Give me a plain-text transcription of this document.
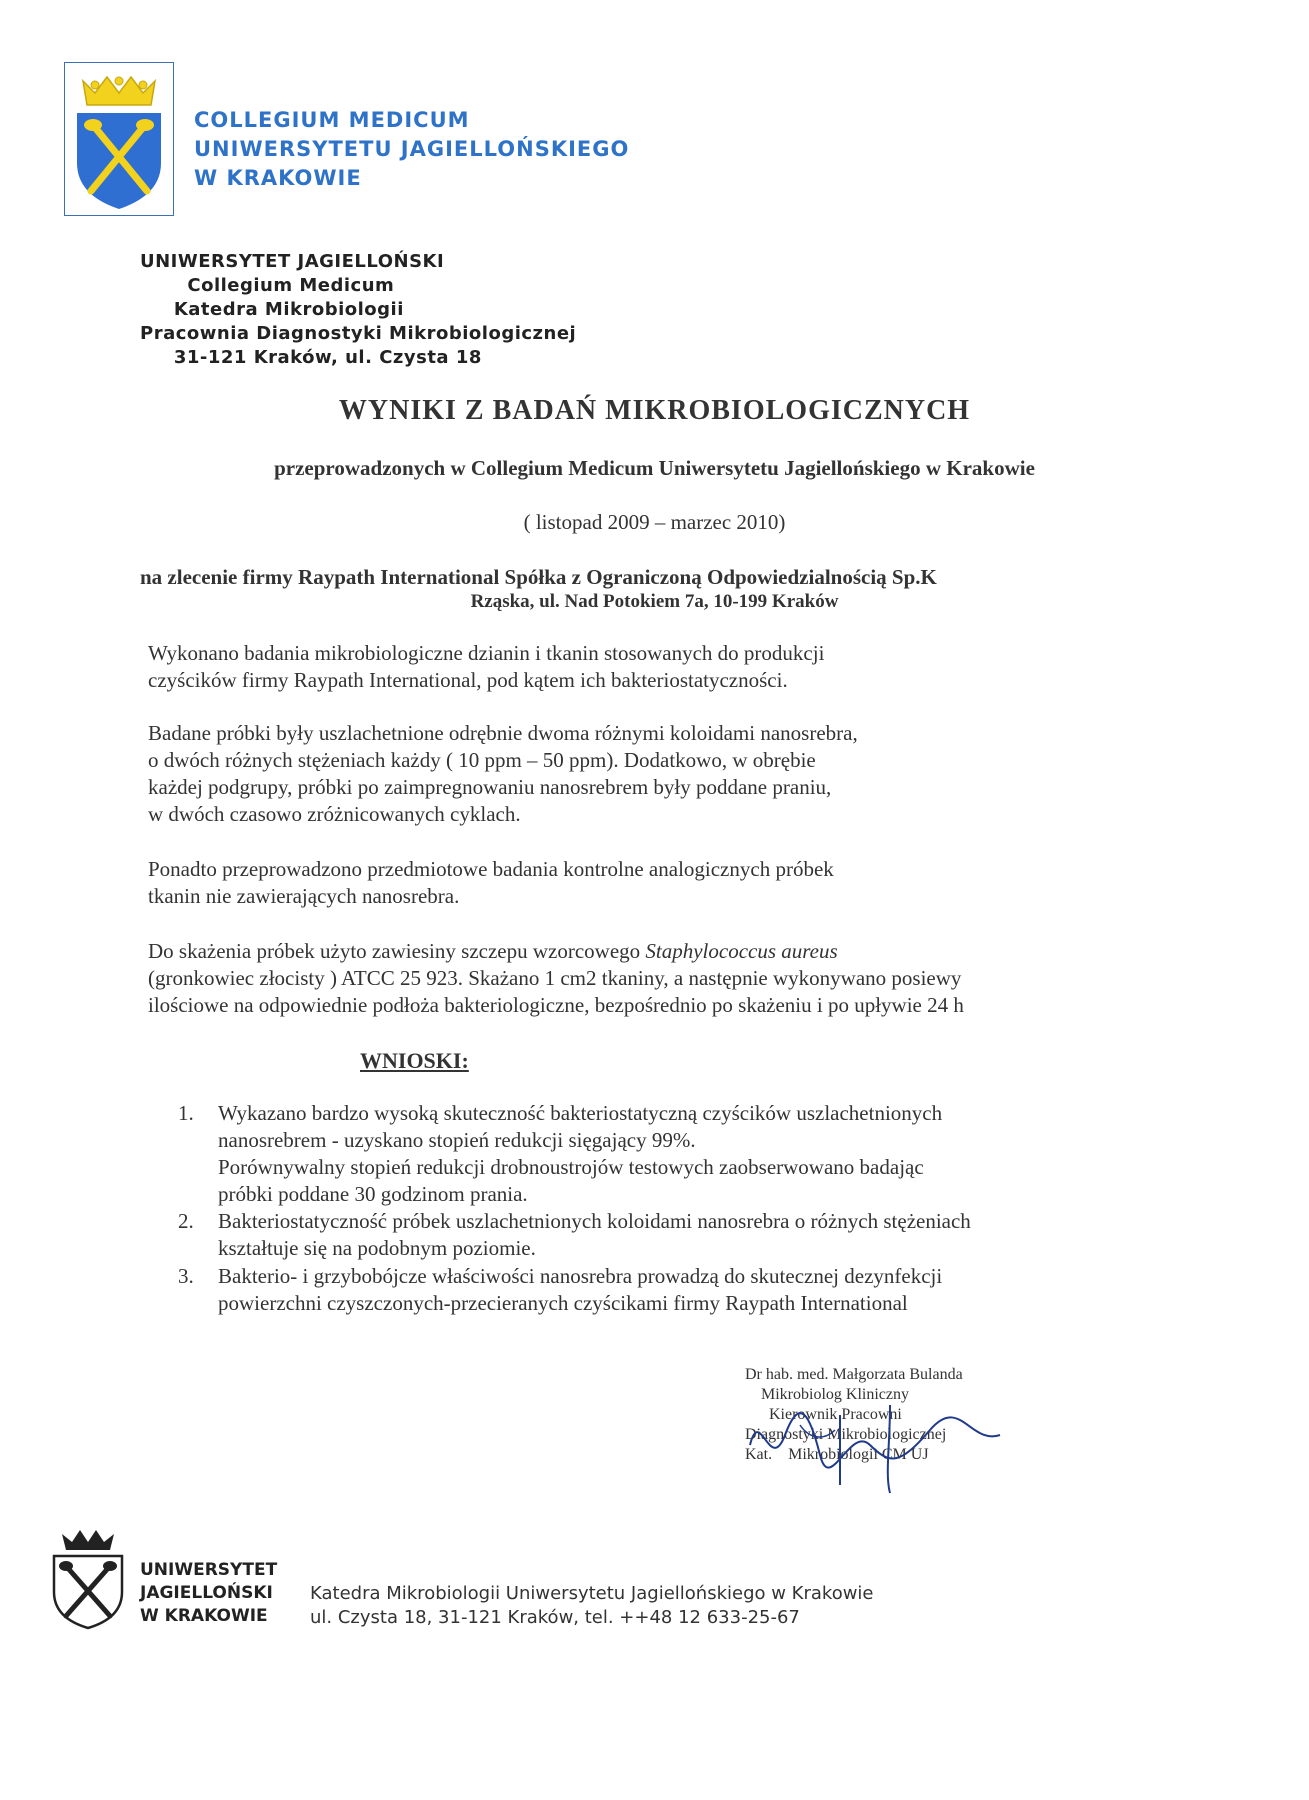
COLLEGIUM MEDICUM
UNIWERSYTETU JAGIELLOŃSKIEGO
W KRAKOWIE
UNIWERSYTET JAGIELLOŃSKI
Collegium Medicum
Katedra Mikrobiologii
Pracownia Diagnostyki Mikrobiologicznej
31-121 Kraków, ul. Czysta 18
WYNIKI Z BADAŃ MIKROBIOLOGICZNYCH
przeprowadzonych w Collegium Medicum Uniwersytetu Jagiellońskiego w Krakowie
( listopad 2009 – marzec 2010)
na zlecenie firmy Raypath International Spółka z Ograniczoną Odpowiedzialnością Sp.K
Rząska, ul. Nad Potokiem 7a, 10-199 Kraków
Wykonano badania mikrobiologiczne dzianin i tkanin stosowanych do produkcji
czyścików firmy Raypath International, pod kątem ich bakteriostatyczności.
Badane próbki były uszlachetnione odrębnie dwoma różnymi koloidami nanosrebra,
o dwóch różnych stężeniach każdy ( 10 ppm – 50 ppm). Dodatkowo, w obrębie
każdej podgrupy, próbki po zaimpregnowaniu nanosrebrem były poddane praniu,
w dwóch czasowo zróżnicowanych cyklach.
Ponadto przeprowadzono przedmiotowe badania kontrolne analogicznych próbek
tkanin nie zawierających nanosrebra.
Do skażenia próbek użyto zawiesiny szczepu wzorcowego Staphylococcus aureus
(gronkowiec złocisty ) ATCC 25 923. Skażano 1 cm2 tkaniny, a następnie wykonywano posiewy
ilościowe na odpowiednie podłoża bakteriologiczne, bezpośrednio po skażeniu i po upływie 24 h
WNIOSKI:
1. Wykazano bardzo wysoką skuteczność bakteriostatyczną czyścików uszlachetnionych
nanosrebrem - uzyskano stopień redukcji sięgający 99%.
Porównywalny stopień redukcji drobnoustrojów testowych zaobserwowano badając
próbki poddane 30 godzinom prania.
2. Bakteriostatyczność próbek uszlachetnionych koloidami nanosrebra o różnych stężeniach
kształtuje się na podobnym poziomie.
3. Bakterio- i grzybobójcze właściwości nanosrebra prowadzą do skutecznej dezynfekcji
powierzchni czyszczonych-przecieranych czyścikami firmy Raypath International
Dr hab. med. Małgorzata Bulanda
Mikrobiolog Kliniczny
Kierownik Pracowni
Diagnostyki Mikrobiologicznej
Kat.    Mikrobiologii CM UJ
UNIWERSYTET
JAGIELLOŃSKI
W KRAKOWIE
Katedra Mikrobiologii Uniwersytetu Jagiellońskiego w Krakowie
ul. Czysta 18, 31-121 Kraków, tel. ++48 12 633-25-67
